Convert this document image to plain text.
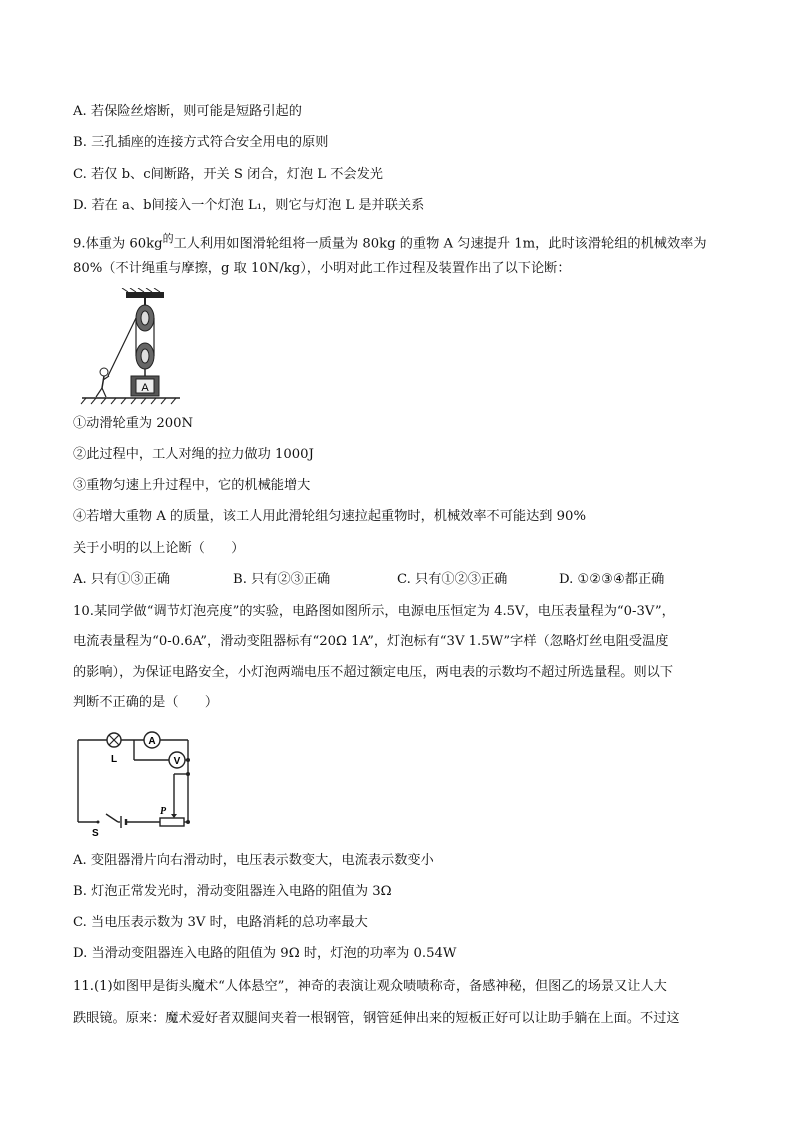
A. 若保险丝熔断，则可能是短路引起的
B. 三孔插座的连接方式符合安全用电的原则
C. 若仅 b、c间断路，开关 S 闭合，灯泡 L 不会发光
D. 若在 a、b间接入一个灯泡 L₁，则它与灯泡 L 是并联关系
9.体重为 $60kg^的$工人利用如图滑轮组将一质量为 80kg 的重物 A 匀速提升 1m，此时该滑轮组的机械效率为
80%（不计绳重与摩擦，g 取 10N/kg），小明对此工作过程及装置作出了以下论断：
A
①动滑轮重为 200N
②此过程中，工人对绳的拉力做功 1000J
③重物匀速上升过程中，它的机械能增大
④若增大重物 A 的质量，该工人用此滑轮组匀速拉起重物时，机械效率不可能达到 90%
关于小明的以上论断（　　）
A. 只有①③正确	B. 只有②③正确	C. 只有①②③正确	D. ①②③④都正确
10.某同学做“调节灯泡亮度”的实验，电路图如图所示，电源电压恒定为 4.5V，电压表量程为“0-3V”，
电流表量程为“0-0.6A”，滑动变阻器标有“20Ω 1A”，灯泡标有“3V 1.5W”字样（忽略灯丝电阻受温度
的影响），为保证电路安全，小灯泡两端电压不超过额定电压，两电表的示数均不超过所选量程。则以下
判断不正确的是（　　）
L
A
V
S
P
A. 变阻器滑片向右滑动时，电压表示数变大，电流表示数变小
B. 灯泡正常发光时，滑动变阻器连入电路的阻值为 3Ω
C. 当电压表示数为 3V 时，电路消耗的总功率最大
D. 当滑动变阻器连入电路的阻值为 9Ω 时，灯泡的功率为 0.54W
11.(1)如图甲是街头魔术“人体悬空”，神奇的表演让观众啧啧称奇，备感神秘，但图乙的场景又让人大
跌眼镜。原来：魔术爱好者双腿间夹着一根钢管，钢管延伸出来的短板正好可以让助手躺在上面。不过这
